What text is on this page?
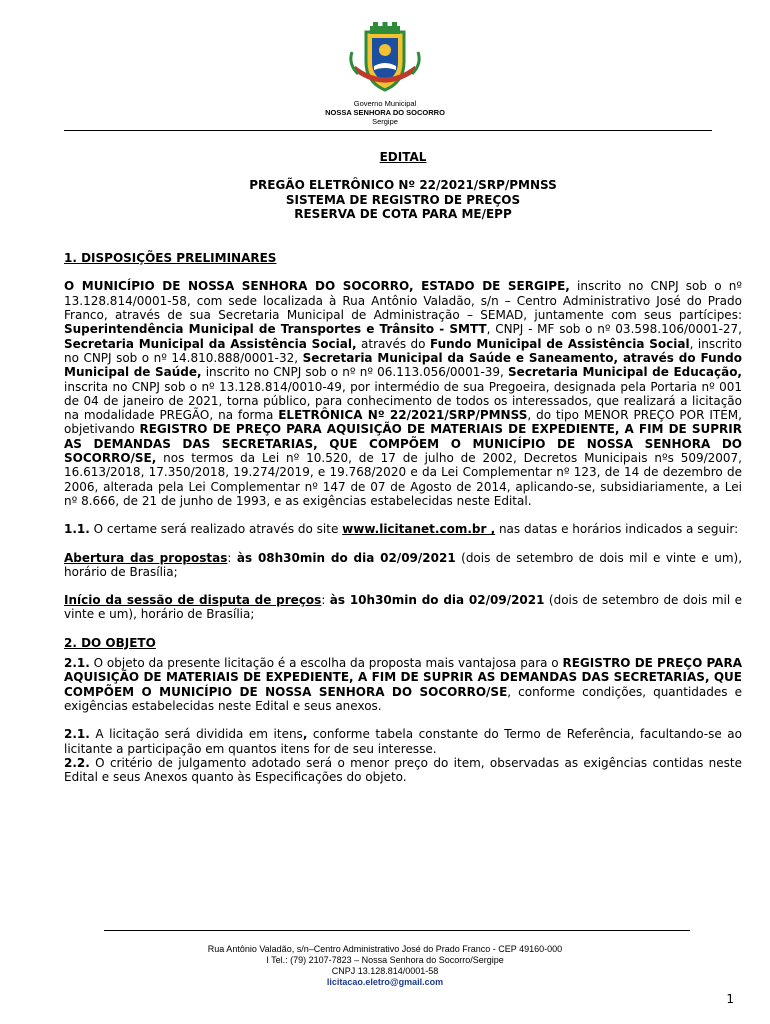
Governo Municipal
NOSSA SENHORA DO SOCORRO
Sergipe
EDITAL
PREGÃO ELETRÔNICO Nº 22/2021/SRP/PMNSS
SISTEMA DE REGISTRO DE PREÇOS
RESERVA DE COTA PARA ME/EPP
1. DISPOSIÇÕES PRELIMINARES

O MUNICÍPIO DE NOSSA SENHORA DO SOCORRO, ESTADO DE SERGIPE, inscrito no CNPJ sob o nº 13.128.814/0001-58, com sede localizada à Rua Antônio Valadão, s/n – Centro Administrativo José do Prado Franco, através de sua Secretaria Municipal de Administração – SEMAD, juntamente com seus partícipes: Superintendência Municipal de Transportes e Trânsito - SMTT, CNPJ - MF sob o nº 03.598.106/0001-27, Secretaria Municipal da Assistência Social, através do Fundo Municipal de Assistência Social, inscrito no CNPJ sob o nº 14.810.888/0001-32, Secretaria Municipal da Saúde e Saneamento, através do Fundo Municipal de Saúde, inscrito no CNPJ sob o nº nº 06.113.056/0001-39, Secretaria Municipal de Educação, inscrita no CNPJ sob o nº 13.128.814/0010-49, por intermédio de sua Pregoeira, designada pela Portaria nº 001 de 04 de janeiro de 2021, torna público, para conhecimento de todos os interessados, que realizará a licitação na modalidade PREGÃO, na forma ELETRÔNICA Nº 22/2021/SRP/PMNSS, do tipo MENOR PREÇO POR ITEM, objetivando REGISTRO DE PREÇO PARA AQUISIÇÃO DE MATERIAIS DE EXPEDIENTE, A FIM DE SUPRIR AS DEMANDAS DAS SECRETARIAS, QUE COMPÕEM O MUNICÍPIO DE NOSSA SENHORA DO SOCORRO/SE, nos termos da Lei nº 10.520, de 17 de julho de 2002, Decretos Municipais nºs 509/2007, 16.613/2018, 17.350/2018, 19.274/2019, e 19.768/2020 e da Lei Complementar nº 123, de 14 de dezembro de 2006, alterada pela Lei Complementar nº 147 de 07 de Agosto de 2014, aplicando-se, subsidiariamente, a Lei nº 8.666, de 21 de junho de 1993, e as exigências estabelecidas neste Edital.

1.1. O certame será realizado através do site www.licitanet.com.br , nas datas e horários indicados a seguir:

Abertura das propostas: às 08h30min do dia 02/09/2021 (dois de setembro de dois mil e vinte e um), horário de Brasília;

Início da sessão de disputa de preços: às 10h30min do dia 02/09/2021 (dois de setembro de dois mil e vinte e um), horário de Brasília;

2. DO OBJETO

2.1. O objeto da presente licitação é a escolha da proposta mais vantajosa para o REGISTRO DE PREÇO PARA AQUISIÇÃO DE MATERIAIS DE EXPEDIENTE, A FIM DE SUPRIR AS DEMANDAS DAS SECRETARIAS, QUE COMPÕEM O MUNICÍPIO DE NOSSA SENHORA DO SOCORRO/SE, conforme condições, quantidades e exigências estabelecidas neste Edital e seus anexos.

2.1. A licitação será dividida em itens, conforme tabela constante do Termo de Referência, facultando-se ao licitante a participação em quantos itens for de seu interesse.

2.2. O critério de julgamento adotado será o menor preço do item, observadas as exigências contidas neste Edital e seus Anexos quanto às Especificações do objeto.

Rua Antônio Valadão, s/n–Centro Administrativo José do Prado Franco - CEP 49160-000
I Tel.: (79) 2107-7823 – Nossa Senhora do Socorro/Sergipe
CNPJ 13.128.814/0001-58
licitacao.eletro@gmail.com
1
